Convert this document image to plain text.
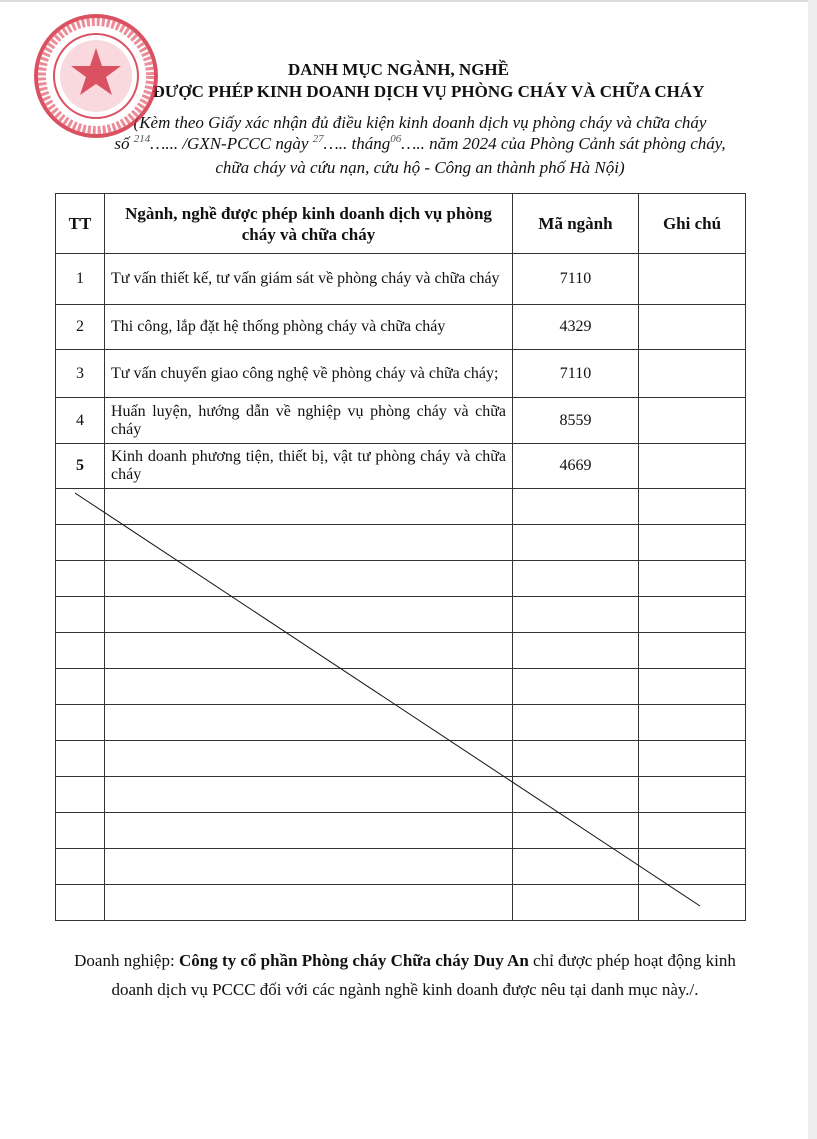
DANH MỤC NGÀNH, NGHỀ
ĐƯỢC PHÉP KINH DOANH DỊCH VỤ PHÒNG CHÁY VÀ CHỮA CHÁY
(Kèm theo Giấy xác nhận đủ điều kiện kinh doanh dịch vụ phòng cháy và chữa cháy
số $^{214}$…... /GXN-PCCC ngày $^{27}$….. tháng$^{06}$….. năm 2024 của Phòng Cảnh sát phòng cháy,
chữa cháy và cứu nạn, cứu hộ - Công an thành phố Hà Nội)
TT	Ngành, nghề được phép kinh doanh dịch vụ phòng cháy và chữa cháy	Mã ngành	Ghi chú
1	Tư vấn thiết kế, tư vấn giám sát về phòng cháy và chữa cháy	7110	
2	Thi công, lắp đặt hệ thống phòng cháy và chữa cháy	4329	
3	Tư vấn chuyển giao công nghệ về phòng cháy và chữa cháy;	7110	
4	Huấn luyện, hướng dẫn về nghiệp vụ phòng cháy và chữa cháy	8559	
5	Kinh doanh phương tiện, thiết bị, vật tư phòng cháy và chữa cháy	4669	

Doanh nghiệp: Công ty cổ phần Phòng cháy Chữa cháy Duy An chỉ được phép hoạt động kinh doanh dịch vụ PCCC đối với các ngành nghề kinh doanh được nêu tại danh mục này./.
